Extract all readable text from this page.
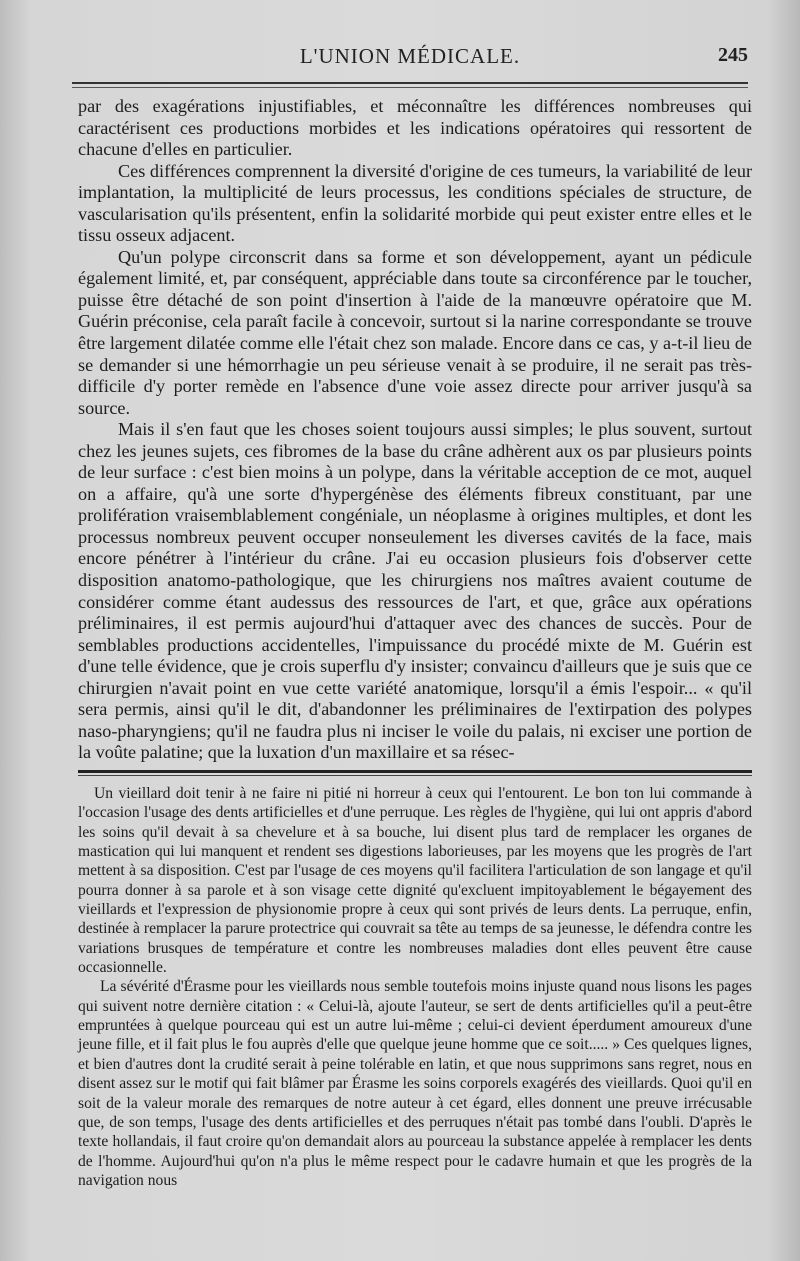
L'UNION MÉDICALE.	245

par des exagérations injustifiables, et méconnaître les différences nombreuses qui caractérisent ces productions morbides et les indications opératoires qui ressortent de chacune d'elles en particulier.

Ces différences comprennent la diversité d'origine de ces tumeurs, la variabilité de leur implantation, la multiplicité de leurs processus, les conditions spéciales de structure, de vascularisation qu'ils présentent, enfin la solidarité morbide qui peut exister entre elles et le tissu osseux adjacent.

Qu'un polype circonscrit dans sa forme et son développement, ayant un pédicule également limité, et, par conséquent, appréciable dans toute sa circonférence par le toucher, puisse être détaché de son point d'insertion à l'aide de la manœuvre opératoire que M. Guérin préconise, cela paraît facile à concevoir, surtout si la narine correspondante se trouve être largement dilatée comme elle l'était chez son malade. Encore dans ce cas, y a-t-il lieu de se demander si une hémorrhagie un peu sérieuse venait à se produire, il ne serait pas très-difficile d'y porter remède en l'absence d'une voie assez directe pour arriver jusqu'à sa source.

Mais il s'en faut que les choses soient toujours aussi simples; le plus souvent, surtout chez les jeunes sujets, ces fibromes de la base du crâne adhèrent aux os par plusieurs points de leur surface : c'est bien moins à un polype, dans la véritable acception de ce mot, auquel on a affaire, qu'à une sorte d'hypergénèse des éléments fibreux constituant, par une prolifération vraisemblablement congéniale, un néoplasme à origines multiples, et dont les processus nombreux peuvent occuper nonseulement les diverses cavités de la face, mais encore pénétrer à l'intérieur du crâne. J'ai eu occasion plusieurs fois d'observer cette disposition anatomo-pathologique, que les chirurgiens nos maîtres avaient coutume de considérer comme étant audessus des ressources de l'art, et que, grâce aux opérations préliminaires, il est permis aujourd'hui d'attaquer avec des chances de succès. Pour de semblables productions accidentelles, l'impuissance du procédé mixte de M. Guérin est d'une telle évidence, que je crois superflu d'y insister; convaincu d'ailleurs que je suis que ce chirurgien n'avait point en vue cette variété anatomique, lorsqu'il a émis l'espoir... « qu'il sera permis, ainsi qu'il le dit, d'abandonner les préliminaires de l'extirpation des polypes naso-pharyngiens; qu'il ne faudra plus ni inciser le voile du palais, ni exciser une portion de la voûte palatine; que la luxation d'un maxillaire et sa résec-

Un vieillard doit tenir à ne faire ni pitié ni horreur à ceux qui l'entourent. Le bon ton lui commande à l'occasion l'usage des dents artificielles et d'une perruque. Les règles de l'hygiène, qui lui ont appris d'abord les soins qu'il devait à sa chevelure et à sa bouche, lui disent plus tard de remplacer les organes de mastication qui lui manquent et rendent ses digestions laborieuses, par les moyens que les progrès de l'art mettent à sa disposition. C'est par l'usage de ces moyens qu'il facilitera l'articulation de son langage et qu'il pourra donner à sa parole et à son visage cette dignité qu'excluent impitoyablement le bégayement des vieillards et l'expression de physionomie propre à ceux qui sont privés de leurs dents. La perruque, enfin, destinée à remplacer la parure protectrice qui couvrait sa tête au temps de sa jeunesse, le défendra contre les variations brusques de température et contre les nombreuses maladies dont elles peuvent être cause occasionnelle.

La sévérité d'Érasme pour les vieillards nous semble toutefois moins injuste quand nous lisons les pages qui suivent notre dernière citation : « Celui-là, ajoute l'auteur, se sert de dents artificielles qu'il a peut-être empruntées à quelque pourceau qui est un autre lui-même ; celui-ci devient éperdument amoureux d'une jeune fille, et il fait plus le fou auprès d'elle que quelque jeune homme que ce soit..... » Ces quelques lignes, et bien d'autres dont la crudité serait à peine tolérable en latin, et que nous supprimons sans regret, nous en disent assez sur le motif qui fait blâmer par Érasme les soins corporels exagérés des vieillards. Quoi qu'il en soit de la valeur morale des remarques de notre auteur à cet égard, elles donnent une preuve irrécusable que, de son temps, l'usage des dents artificielles et des perruques n'était pas tombé dans l'oubli. D'après le texte hollandais, il faut croire qu'on demandait alors au pourceau la substance appelée à remplacer les dents de l'homme. Aujourd'hui qu'on n'a plus le même respect pour le cadavre humain et que les progrès de la navigation nous
